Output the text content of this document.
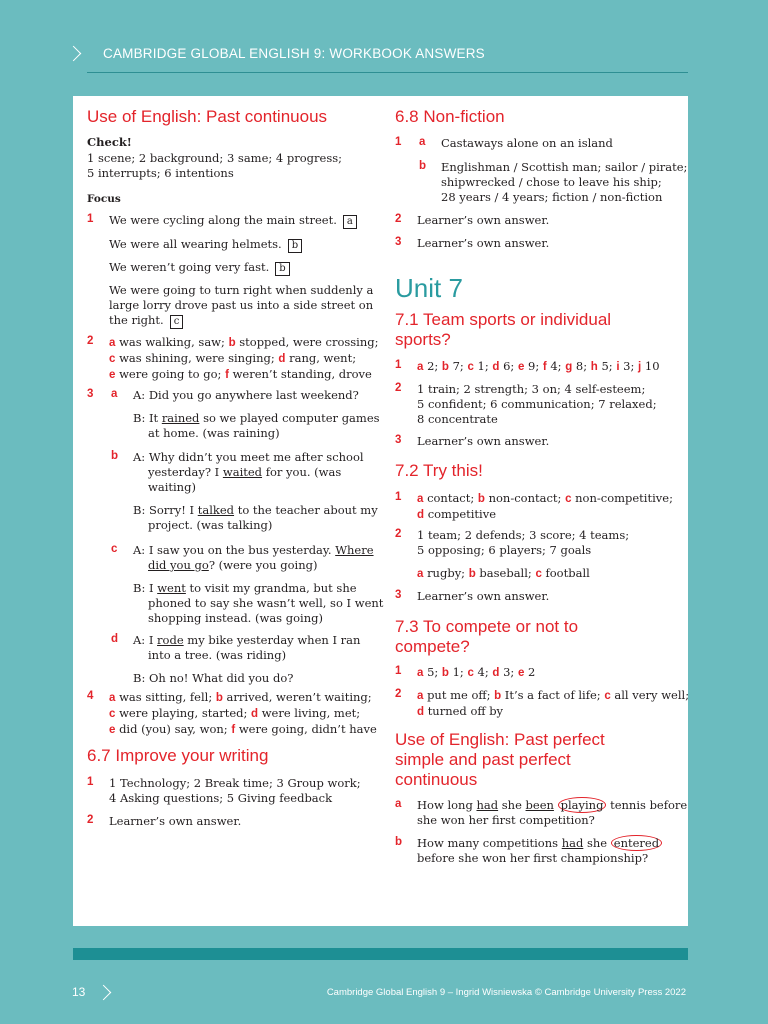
CAMBRIDGE GLOBAL ENGLISH 9: WORKBOOK ANSWERS
Use of English: Past continuous
Check!
1 scene; 2 background; 3 same; 4 progress;
5 interrupts; 6 intentions
Focus
1 We were cycling along the main street. a
We were all wearing helmets. b
We weren’t going very fast. b
We were going to turn right when suddenly a
large lorry drove past us into a side street on
the right. c
2 a was walking, saw; b stopped, were crossing;
c was shining, were singing; d rang, went;
e were going to go; f weren’t standing, drove
3 a A: Did you go anywhere last weekend?
B: It rained so we played computer games
at home. (was raining)
b A: Why didn’t you meet me after school
yesterday? I waited for you. (was
waiting)
B: Sorry! I talked to the teacher about my
project. (was talking)
c A: I saw you on the bus yesterday. Where
did you go? (were you going)
B: I went to visit my grandma, but she
phoned to say she wasn’t well, so I went
shopping instead. (was going)
d A: I rode my bike yesterday when I ran
into a tree. (was riding)
B: Oh no! What did you do?
4 a was sitting, fell; b arrived, weren’t waiting;
c were playing, started; d were living, met;
e did (you) say, won; f were going, didn’t have
6.7 Improve your writing
1 1 Technology; 2 Break time; 3 Group work;
4 Asking questions; 5 Giving feedback
2 Learner’s own answer.
6.8 Non-fiction
1 a Castaways alone on an island
b Englishman / Scottish man; sailor / pirate;
shipwrecked / chose to leave his ship;
28 years / 4 years; fiction / non-fiction
2 Learner’s own answer.
3 Learner’s own answer.
Unit 7
7.1 Team sports or individual
sports?
1 a 2; b 7; c 1; d 6; e 9; f 4; g 8; h 5; i 3; j 10
2 1 train; 2 strength; 3 on; 4 self-esteem;
5 confident; 6 communication; 7 relaxed;
8 concentrate
3 Learner’s own answer.
7.2 Try this!
1 a contact; b non-contact; c non-competitive;
d competitive
2 1 team; 2 defends; 3 score; 4 teams;
5 opposing; 6 players; 7 goals
a rugby; b baseball; c football
3 Learner’s own answer.
7.3 To compete or not to
compete?
1 a 5; b 1; c 4; d 3; e 2
2 a put me off; b It’s a fact of life; c all very well;
d turned off by
Use of English: Past perfect
simple and past perfect
continuous
a How long had she been playing tennis before
she won her first competition?
b How many competitions had she entered
before she won her first championship?
13	Cambridge Global English 9 – Ingrid Wisniewska © Cambridge University Press 2022
